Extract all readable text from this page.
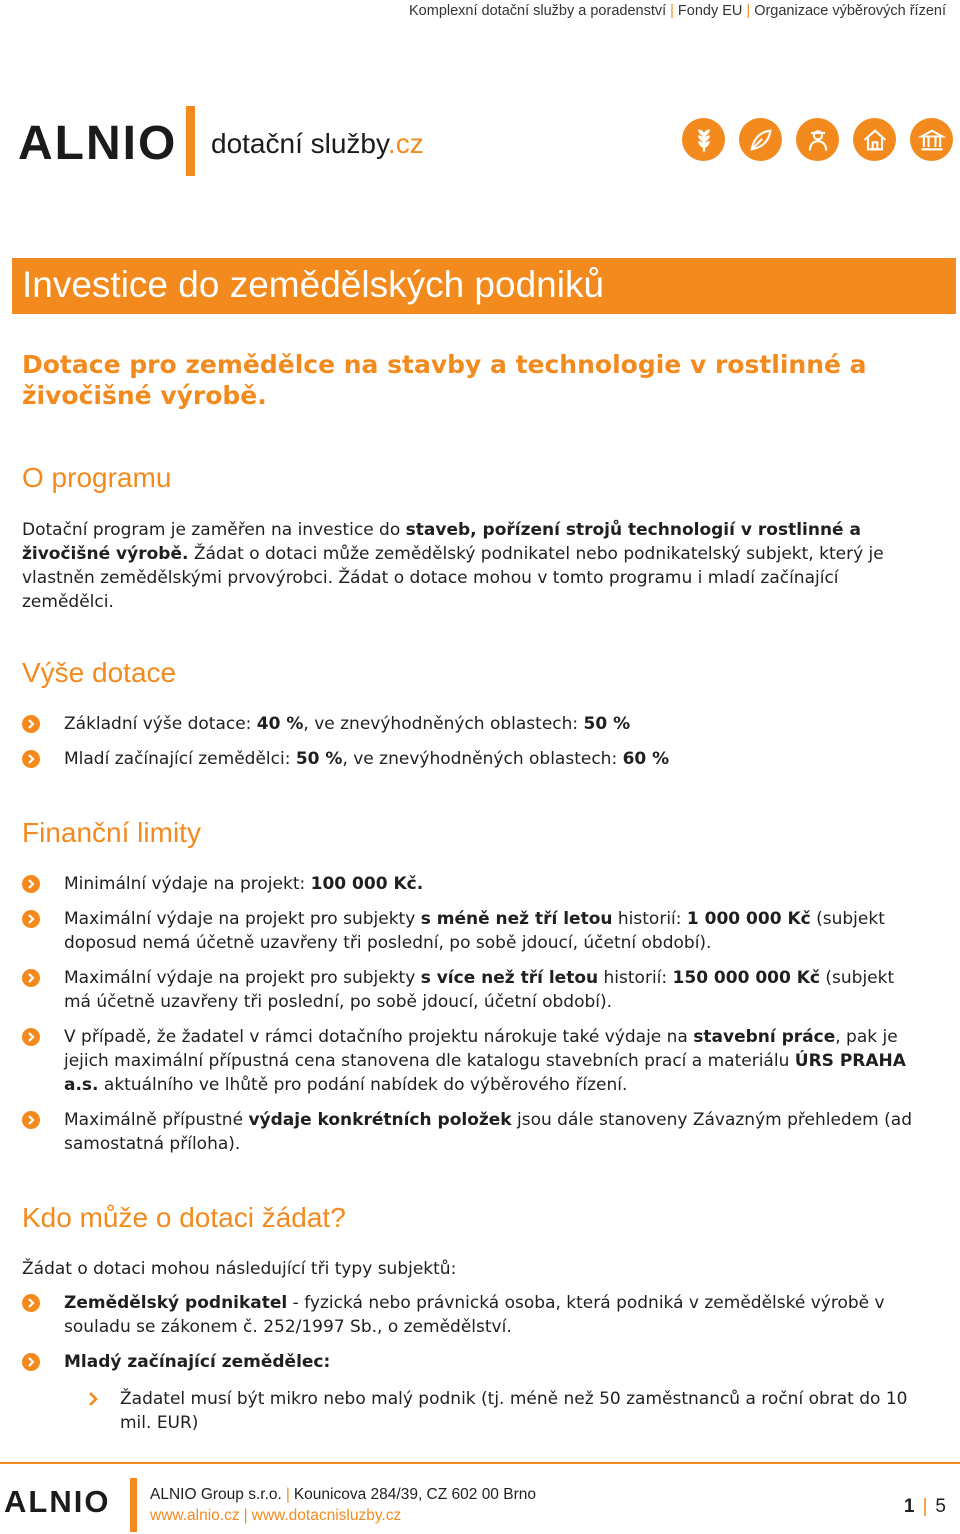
Komplexní dotační služby a poradenství | Fondy EU | Organizace výběrových řízení
ALNIO dotační služby.cz
Investice do zemědělských podniků
Dotace pro zemědělce na stavby a technologie v rostlinné a živočišné výrobě.
O programu
Dotační program je zaměřen na investice do staveb, pořízení strojů technologií v rostlinné a živočišné výrobě. Žádat o dotaci může zemědělský podnikatel nebo podnikatelský subjekt, který je vlastněn zemědělskými prvovýrobci. Žádat o dotace mohou v tomto programu i mladí začínající zemědělci.
Výše dotace
Základní výše dotace: 40 %, ve znevýhodněných oblastech: 50 %
Mladí začínající zemědělci: 50 %, ve znevýhodněných oblastech: 60 %
Finanční limity
Minimální výdaje na projekt: 100 000 Kč.
Maximální výdaje na projekt pro subjekty s méně než tří letou historií: 1 000 000 Kč (subjekt doposud nemá účetně uzavřeny tři poslední, po sobě jdoucí, účetní období).
Maximální výdaje na projekt pro subjekty s více než tří letou historií: 150 000 000 Kč (subjekt má účetně uzavřeny tři poslední, po sobě jdoucí, účetní období).
V případě, že žadatel v rámci dotačního projektu nárokuje také výdaje na stavební práce, pak je jejich maximální přípustná cena stanovena dle katalogu stavebních prací a materiálu ÚRS PRAHA a.s. aktuálního ve lhůtě pro podání nabídek do výběrového řízení.
Maximálně přípustné výdaje konkrétních položek jsou dále stanoveny Závazným přehledem (ad samostatná příloha).
Kdo může o dotaci žádat?
Žádat o dotaci mohou následující tři typy subjektů:
Zemědělský podnikatel - fyzická nebo právnická osoba, která podniká v zemědělské výrobě v souladu se zákonem č. 252/1997 Sb., o zemědělství.
Mladý začínající zemědělec:
Žadatel musí být mikro nebo malý podnik (tj. méně než 50 zaměstnanců a roční obrat do 10 mil. EUR)
ALNIO	ALNIO Group s.r.o. | Kounicova 284/39, CZ 602 00 Brno
www.alnio.cz | www.dotacnisluzby.cz	1 | 5
